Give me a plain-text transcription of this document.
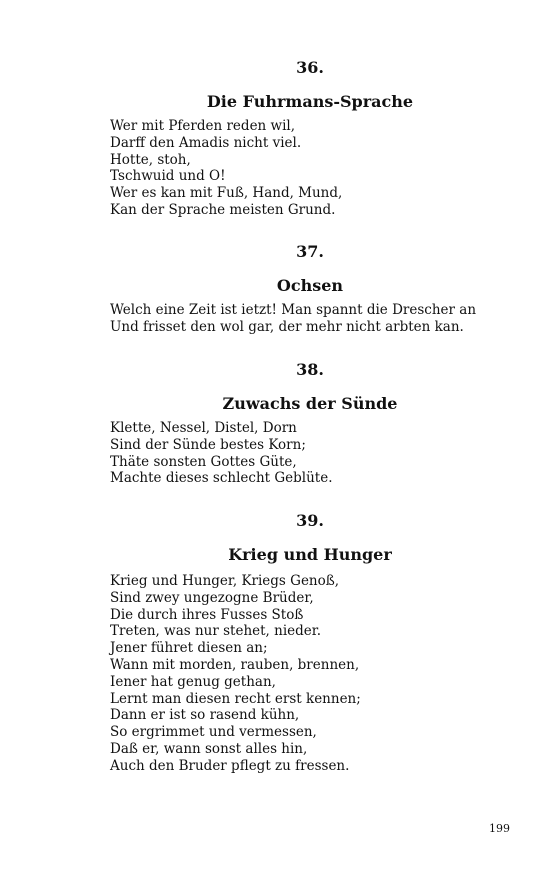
36.
Die Fuhrmans-Sprache
Wer mit Pferden reden wil,
Darff den Amadis nicht viel.
Hotte, stoh,
Tschwuid und O!
Wer es kan mit Fuß, Hand, Mund,
Kan der Sprache meisten Grund.
37.
Ochsen
Welch eine Zeit ist ietzt! Man spannt die Drescher an
Und frisset den wol gar, der mehr nicht arbten kan.
38.
Zuwachs der Sünde
Klette, Nessel, Distel, Dorn
Sind der Sünde bestes Korn;
Thäte sonsten Gottes Güte,
Machte dieses schlecht Geblüte.
39.
Krieg und Hunger
Krieg und Hunger, Kriegs Genoß,
Sind zwey ungezogne Brüder,
Die durch ihres Fusses Stoß
Treten, was nur stehet, nieder.
Jener führet diesen an;
Wann mit morden, rauben, brennen,
Iener hat genug gethan,
Lernt man diesen recht erst kennen;
Dann er ist so rasend kühn,
So ergrimmet und vermessen,
Daß er, wann sonst alles hin,
Auch den Bruder pflegt zu fressen.
199
